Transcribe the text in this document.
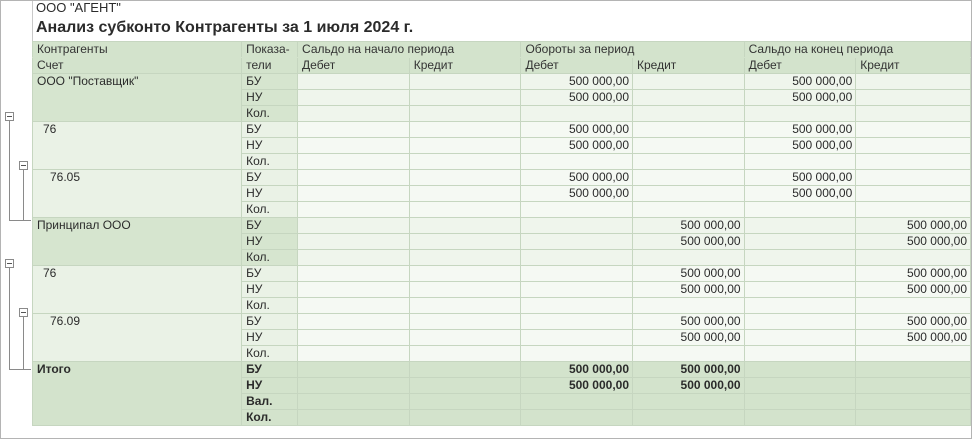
ООО "АГЕНТ"
Анализ субконто Контрагенты за 1 июля 2024 г.
Контрагенты	Показа-	Сальдо на начало периода		Обороты за период		Сальдо на конец периода	
Счет	тели	Дебет	Кредит	Дебет	Кредит	Дебет	Кредит
ООО "Поставщик"	БУ			500 000,00		500 000,00	
	НУ			500 000,00		500 000,00	
	Кол.						
76	БУ			500 000,00		500 000,00	
	НУ			500 000,00		500 000,00	
	Кол.						
76.05	БУ			500 000,00		500 000,00	
	НУ			500 000,00		500 000,00	
	Кол.						
Принципал ООО	БУ				500 000,00		500 000,00
	НУ				500 000,00		500 000,00
	Кол.						
76	БУ				500 000,00		500 000,00
	НУ				500 000,00		500 000,00
	Кол.						
76.09	БУ				500 000,00		500 000,00
	НУ				500 000,00		500 000,00
	Кол.						
Итого	БУ			500 000,00	500 000,00		
	НУ			500 000,00	500 000,00		
	Вал.						
	Кол.						
